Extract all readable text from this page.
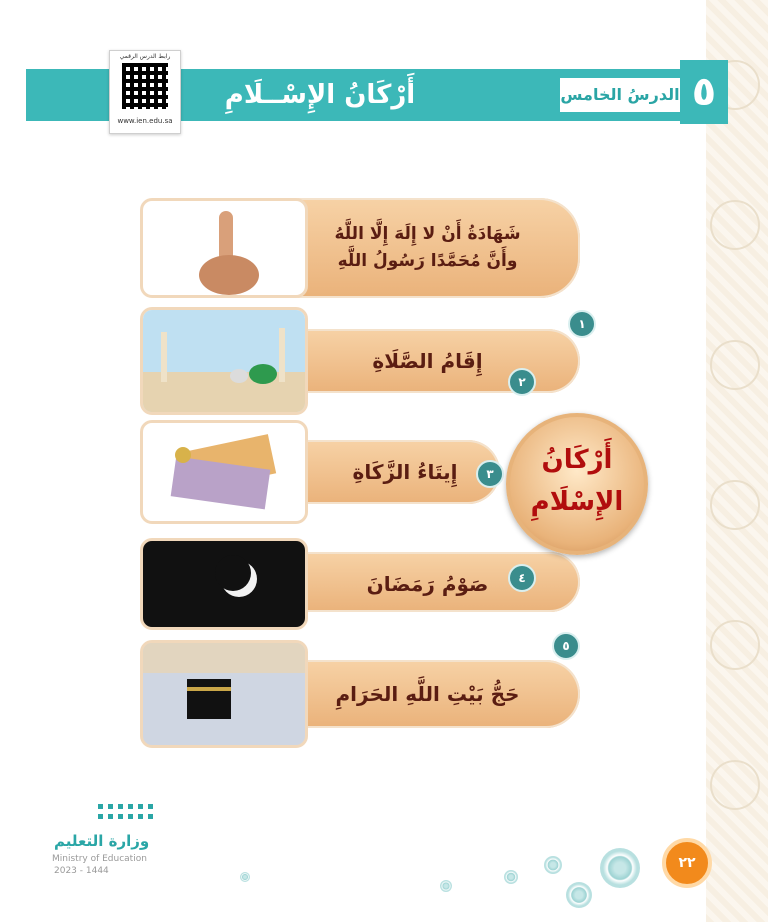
أَرْكَانُ الإِسْــلَامِ	الدرسُ الخامس ٥
رابط الدرس الرقمي
www.ien.edu.sa
شَهَادَةُ أَنْ لا إِلَهَ إِلَّا اللَّهُ
وأَنَّ مُحَمَّدًا رَسُولُ اللَّهِ
١
إِقَامُ الصَّلَاةِ
٢
إِيتَاءُ الزَّكَاةِ	٣
صَوْمُ رَمَضَانَ	٤
حَجُّ بَيْتِ اللَّهِ الحَرَامِ
٥
أَرْكَانُ
الإِسْلَامِ
وزارة التعليم
Ministry of Education
2023 - 1444	٢٢
